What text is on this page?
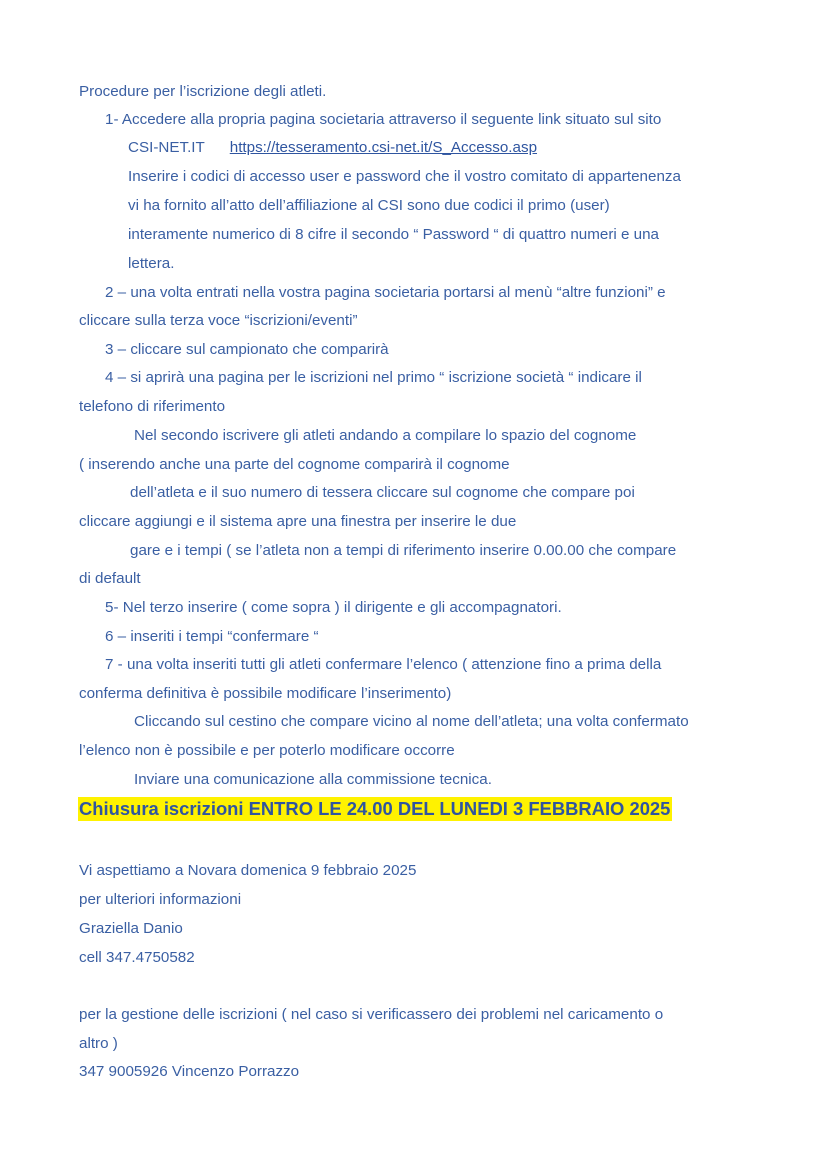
Procedure per l’iscrizione degli atleti.
1- Accedere alla propria pagina societaria attraverso il seguente link situato sul sito
CSI-NET.IT https://tesseramento.csi-net.it/S_Accesso.asp
Inserire i codici di accesso user e password che il vostro comitato di appartenenza
vi ha fornito all’atto dell’affiliazione al CSI sono due codici il primo (user)
interamente numerico di 8 cifre il secondo “ Password “ di quattro numeri e una
lettera.
2 – una volta entrati nella vostra pagina societaria portarsi al menù “altre funzioni” e
cliccare sulla terza voce “iscrizioni/eventi”
3 – cliccare sul campionato che comparirà
4 – si aprirà una pagina per le iscrizioni nel primo “ iscrizione società “ indicare il
telefono di riferimento
Nel secondo iscrivere gli atleti andando a compilare lo spazio del cognome
( inserendo anche una parte del cognome comparirà il cognome
dell’atleta e il suo numero di tessera cliccare sul cognome che compare poi
cliccare aggiungi e il sistema apre una finestra per inserire le due
gare e i tempi ( se l’atleta non a tempi di riferimento inserire 0.00.00 che compare
di default
5- Nel terzo inserire ( come sopra ) il dirigente e gli accompagnatori.
6 – inseriti i tempi “confermare “
7 - una volta inseriti tutti gli atleti confermare l’elenco ( attenzione fino a prima della
conferma definitiva è possibile modificare l’inserimento)
Cliccando sul cestino che compare vicino al nome dell’atleta; una volta confermato
l’elenco non è possibile e per poterlo modificare occorre
Inviare una comunicazione alla commissione tecnica.
Chiusura iscrizioni ENTRO LE 24.00 DEL LUNEDI 3 FEBBRAIO 2025
Vi aspettiamo a Novara domenica 9 febbraio 2025
per ulteriori informazioni
Graziella Danio
cell 347.4750582
per la gestione delle iscrizioni ( nel caso si verificassero dei problemi nel caricamento o
altro )
347 9005926 Vincenzo Porrazzo
